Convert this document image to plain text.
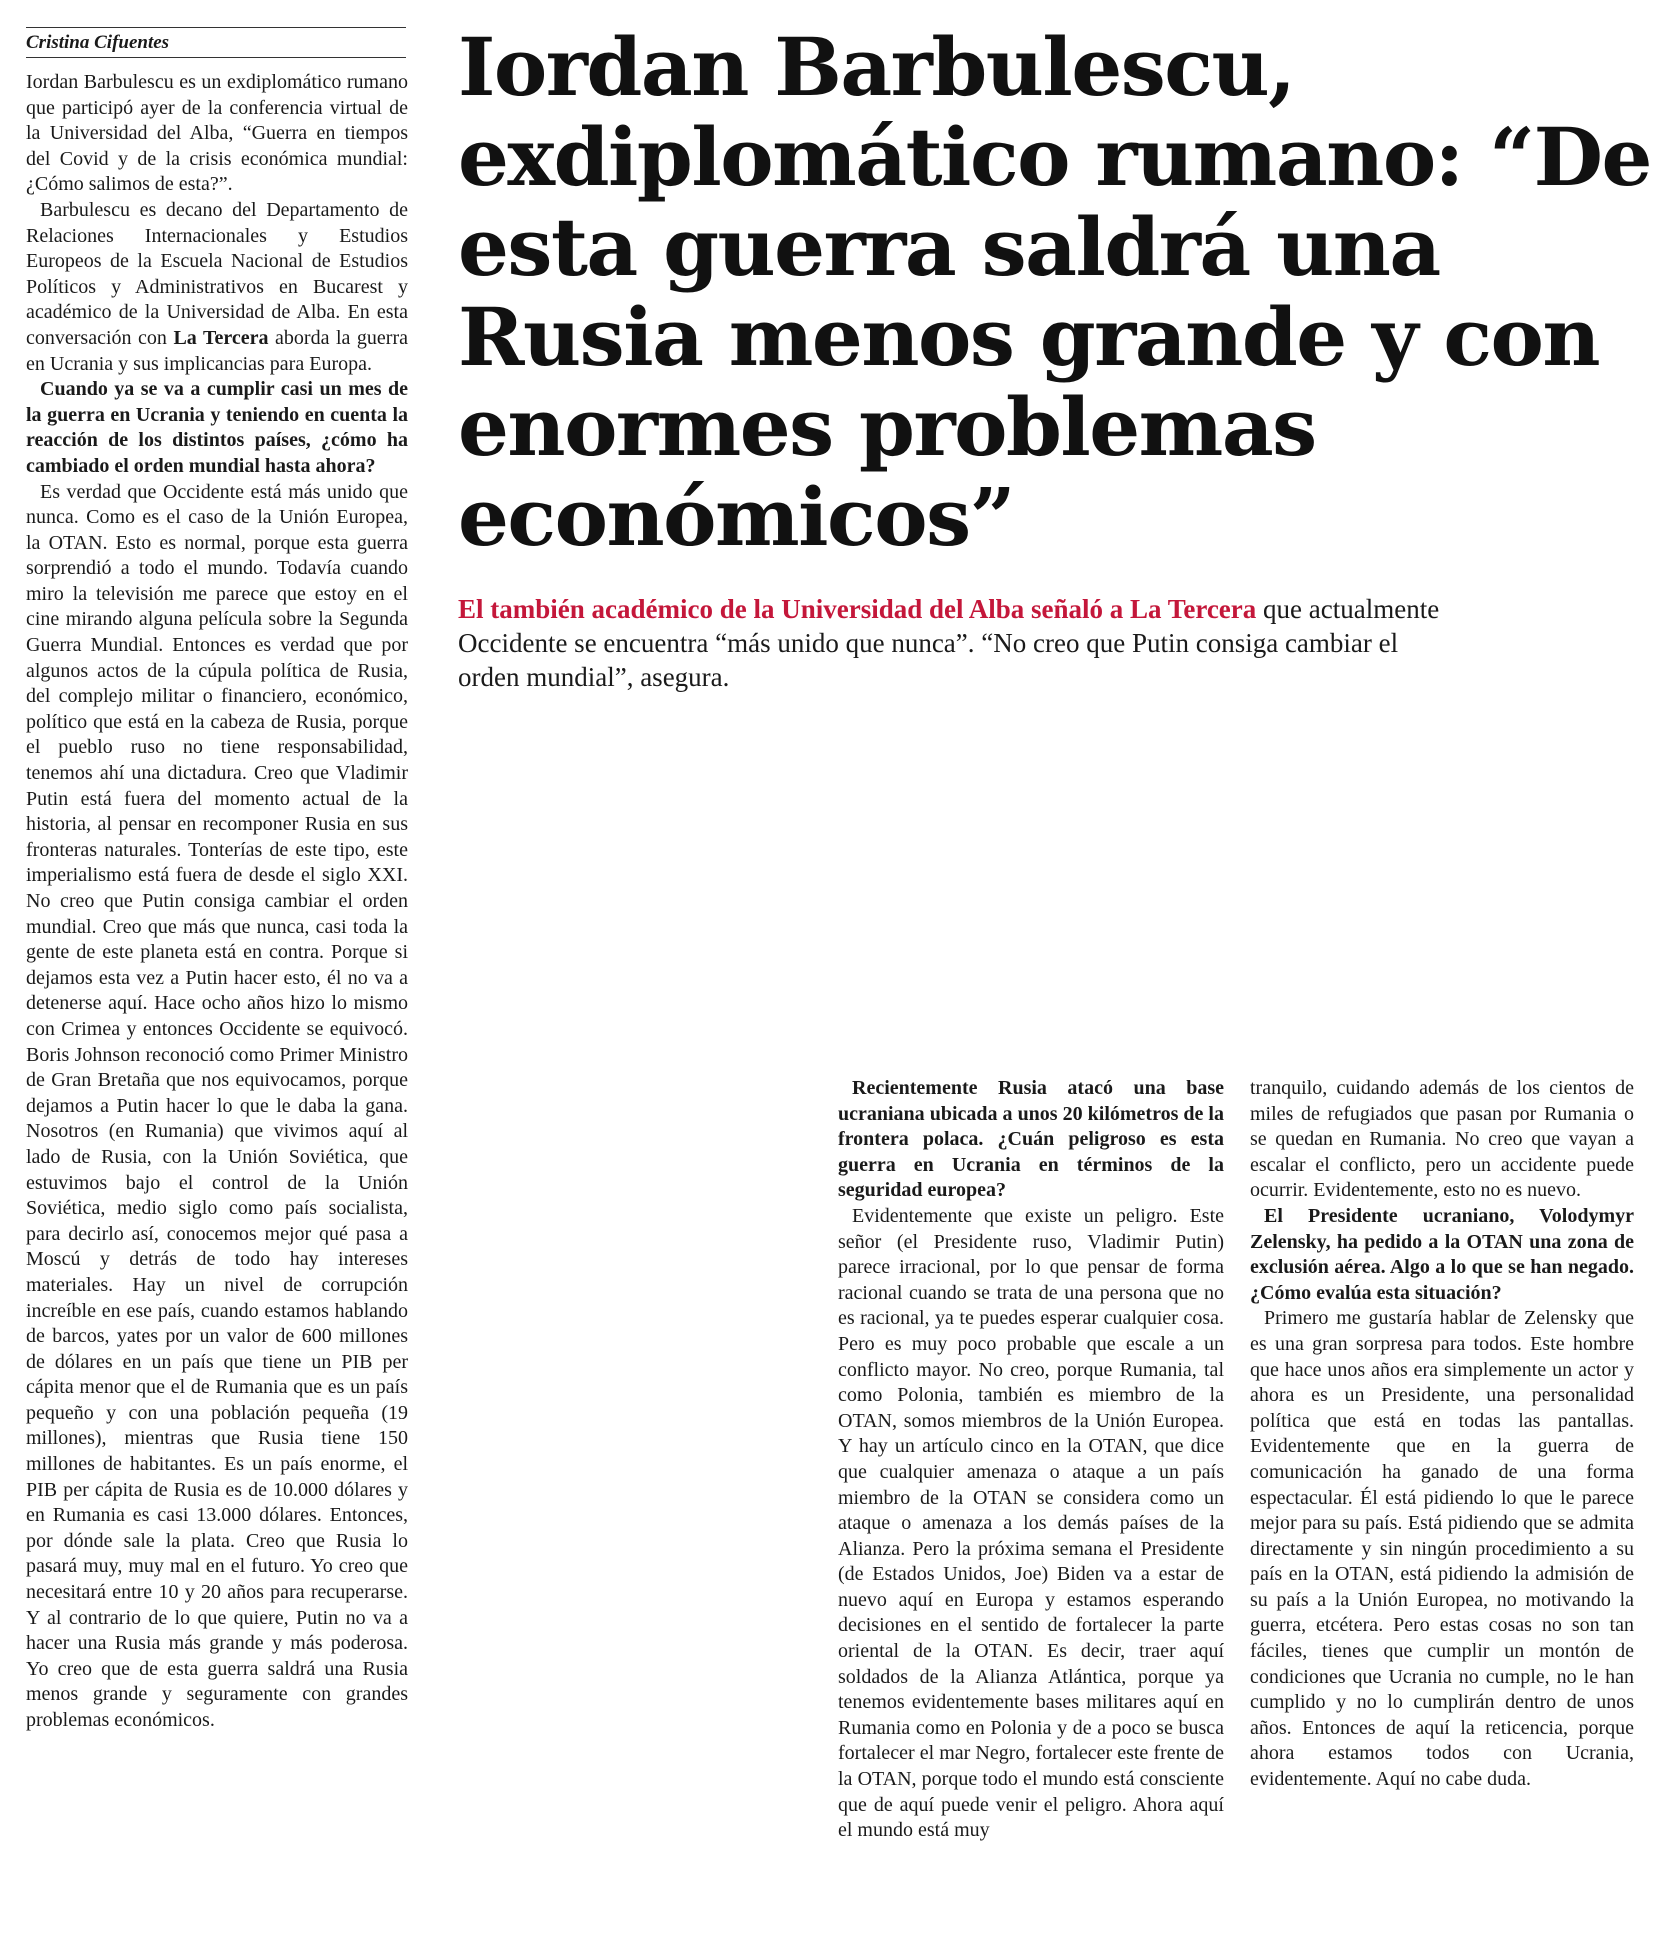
Cristina Cifuentes	Iordan Barbulescu, exdiplomático rumano: “De esta guerra saldrá una Rusia menos grande y con enormes problemas económicos”

El también académico de la Universidad del Alba señaló a La Tercera que actualmente Occidente se encuentra “más unido que nunca”. “No creo que Putin consiga cambiar el orden mundial”, asegura.

Iordan Barbulescu es un exdiplomático rumano que participó ayer de la conferencia virtual de la Universidad del Alba, “Guerra en tiempos del Covid y de la crisis económica mundial: ¿Cómo salimos de esta?”.

Barbulescu es decano del Departamento de Relaciones Internacionales y Estudios Europeos de la Escuela Nacional de Estudios Políticos y Administrativos en Bucarest y académico de la Universidad de Alba. En esta conversación con La Tercera aborda la guerra en Ucrania y sus implicancias para Europa.

Cuando ya se va a cumplir casi un mes de la guerra en Ucrania y teniendo en cuenta la reacción de los distintos países, ¿cómo ha cambiado el orden mundial hasta ahora?

Es verdad que Occidente está más unido que nunca. Como es el caso de la Unión Europea, la OTAN. Esto es normal, porque esta guerra sorprendió a todo el mundo. Todavía cuando miro la televisión me parece que estoy en el cine mirando alguna película sobre la Segunda Guerra Mundial. Entonces es verdad que por algunos actos de la cúpula política de Rusia, del complejo militar o financiero, económico, político que está en la cabeza de Rusia, porque el pueblo ruso no tiene responsabilidad, tenemos ahí una dictadura. Creo que Vladimir Putin está fuera del momento actual de la historia, al pensar en recomponer Rusia en sus fronteras naturales. Tonterías de este tipo, este imperialismo está fuera de desde el siglo XXI. No creo que Putin consiga cambiar el orden mundial. Creo que más que nunca, casi toda la gente de este planeta está en contra. Porque si dejamos esta vez a Putin hacer esto, él no va a detenerse aquí. Hace ocho años hizo lo mismo con Crimea y entonces Occidente se equivocó. Boris Johnson reconoció como Primer Ministro de Gran Bretaña que nos equivocamos, porque dejamos a Putin hacer lo que le daba la gana. Nosotros (en Rumania) que vivimos aquí al lado de Rusia, con la Unión Soviética, que estuvimos bajo el control de la Unión Soviética, medio siglo como país socialista, para decirlo así, conocemos mejor qué pasa a Moscú y detrás de todo hay intereses materiales. Hay un nivel de corrupción increíble en ese país, cuando estamos hablando de barcos, yates por un valor de 600 millones de dólares en un país que tiene un PIB per cápita menor que el de Rumania que es un país pequeño y con una población pequeña (19 millones), mientras que Rusia tiene 150 millones de habitantes. Es un país enorme, el PIB per cápita de Rusia es de 10.000 dólares y en Rumania es casi 13.000 dólares. Entonces, por dónde sale la plata. Creo que Rusia lo pasará muy, muy mal en el futuro. Yo creo que necesitará entre 10 y 20 años para recuperarse. Y al contrario de lo que quiere, Putin no va a hacer una Rusia más grande y más poderosa. Yo creo que de esta guerra saldrá una Rusia menos grande y seguramente con grandes problemas económicos.

Recientemente Rusia atacó una base ucraniana ubicada a unos 20 kilómetros de la frontera polaca. ¿Cuán peligroso es esta guerra en Ucrania en términos de la seguridad europea?

Evidentemente que existe un peligro. Este señor (el Presidente ruso, Vladimir Putin) parece irracional, por lo que pensar de forma racional cuando se trata de una persona que no es racional, ya te puedes esperar cualquier cosa. Pero es muy poco probable que escale a un conflicto mayor. No creo, porque Rumania, tal como Polonia, también es miembro de la OTAN, somos miembros de la Unión Europea. Y hay un artículo cinco en la OTAN, que dice que cualquier amenaza o ataque a un país miembro de la OTAN se considera como un ataque o amenaza a los demás países de la Alianza. Pero la próxima semana el Presidente (de Estados Unidos, Joe) Biden va a estar de nuevo aquí en Europa y estamos esperando decisiones en el sentido de fortalecer la parte oriental de la OTAN. Es decir, traer aquí soldados de la Alianza Atlántica, porque ya tenemos evidentemente bases militares aquí en Rumania como en Polonia y de a poco se busca fortalecer el mar Negro, fortalecer este frente de la OTAN, porque todo el mundo está consciente que de aquí puede venir el peligro. Ahora aquí el mundo está muy

tranquilo, cuidando además de los cientos de miles de refugiados que pasan por Rumania o se quedan en Rumania. No creo que vayan a escalar el conflicto, pero un accidente puede ocurrir. Evidentemente, esto no es nuevo.

El Presidente ucraniano, Volodymyr Zelensky, ha pedido a la OTAN una zona de exclusión aérea. Algo a lo que se han negado. ¿Cómo evalúa esta situación?

Primero me gustaría hablar de Zelensky que es una gran sorpresa para todos. Este hombre que hace unos años era simplemente un actor y ahora es un Presidente, una personalidad política que está en todas las pantallas. Evidentemente que en la guerra de comunicación ha ganado de una forma espectacular. Él está pidiendo lo que le parece mejor para su país. Está pidiendo que se admita directamente y sin ningún procedimiento a su país en la OTAN, está pidiendo la admisión de su país a la Unión Europea, no motivando la guerra, etcétera. Pero estas cosas no son tan fáciles, tienes que cumplir un montón de condiciones que Ucrania no cumple, no le han cumplido y no lo cumplirán dentro de unos años. Entonces de aquí la reticencia, porque ahora estamos todos con Ucrania, evidentemente. Aquí no cabe duda.
